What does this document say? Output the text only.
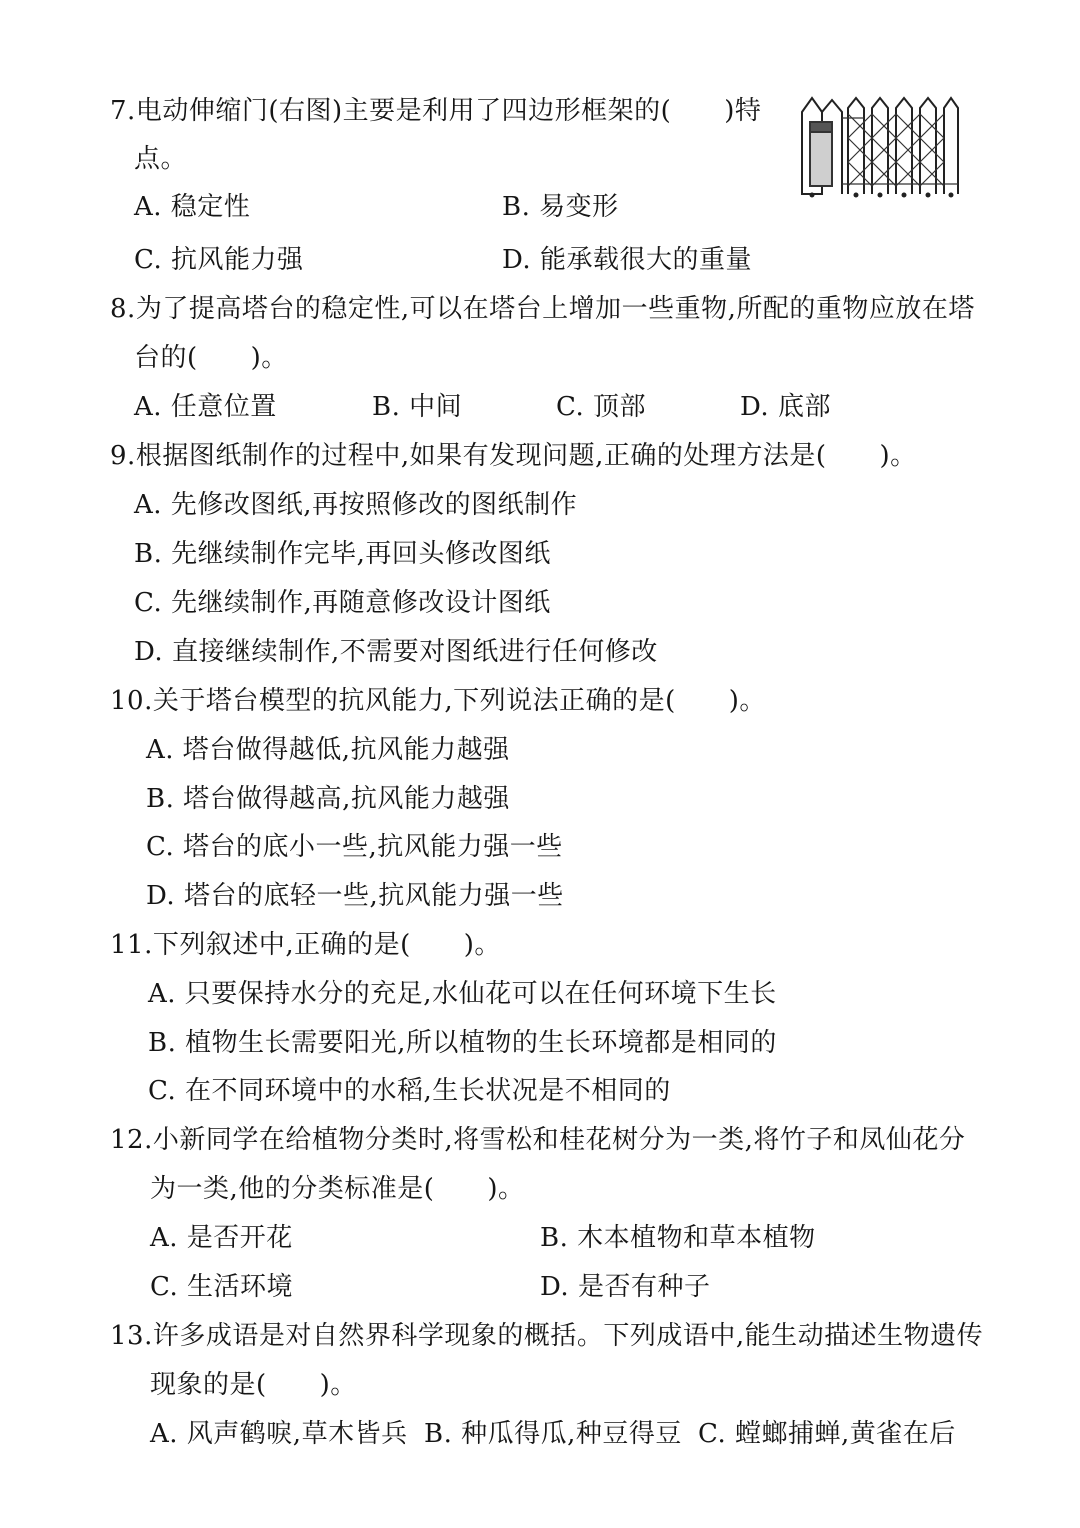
7.电动伸缩门(右图)主要是利用了四边形框架的(　　)特
点。
A. 稳定性	B. 易变形
C. 抗风能力强	D. 能承载很大的重量
8.为了提高塔台的稳定性,可以在塔台上增加一些重物,所配的重物应放在塔
台的(　　)。
A. 任意位置	B. 中间	C. 顶部	D. 底部
9.根据图纸制作的过程中,如果有发现问题,正确的处理方法是(　　)。
A. 先修改图纸,再按照修改的图纸制作
B. 先继续制作完毕,再回头修改图纸
C. 先继续制作,再随意修改设计图纸
D. 直接继续制作,不需要对图纸进行任何修改
10.关于塔台模型的抗风能力,下列说法正确的是(　　)。
A. 塔台做得越低,抗风能力越强
B. 塔台做得越高,抗风能力越强
C. 塔台的底小一些,抗风能力强一些
D. 塔台的底轻一些,抗风能力强一些
11.下列叙述中,正确的是(　　)。
A. 只要保持水分的充足,水仙花可以在任何环境下生长
B. 植物生长需要阳光,所以植物的生长环境都是相同的
C. 在不同环境中的水稻,生长状况是不相同的
12.小新同学在给植物分类时,将雪松和桂花树分为一类,将竹子和凤仙花分
为一类,他的分类标准是(　　)。
A. 是否开花	B. 木本植物和草本植物
C. 生活环境	D. 是否有种子
13.许多成语是对自然界科学现象的概括。下列成语中,能生动描述生物遗传
现象的是(　　)。
A. 风声鹤唳,草木皆兵 B. 种瓜得瓜,种豆得豆 C. 螳螂捕蝉,黄雀在后
